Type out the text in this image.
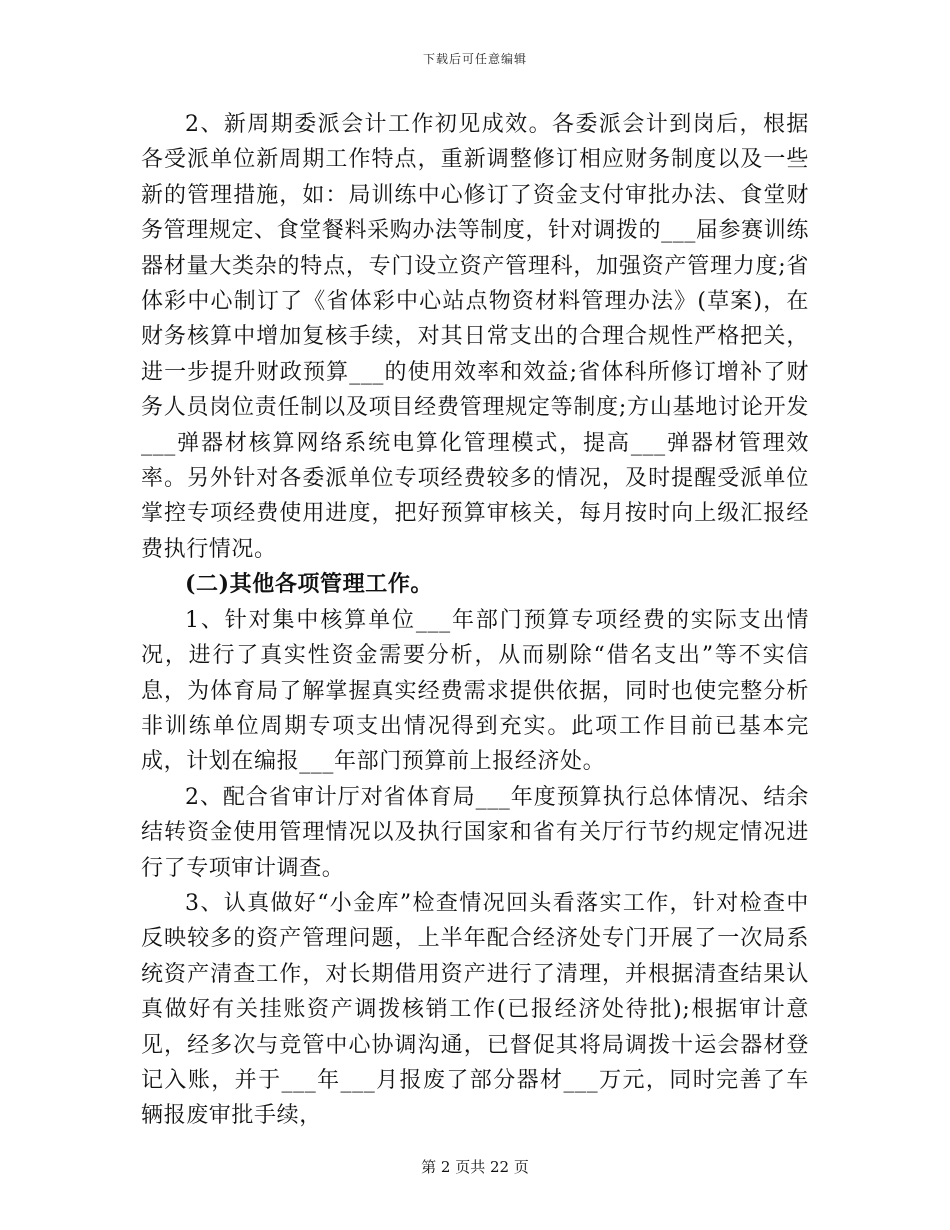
下载后可任意编辑

2、新周期委派会计工作初见成效。各委派会计到岗后，根据各受派单位新周期工作特点，重新调整修订相应财务制度以及一些新的管理措施，如：局训练中心修订了资金支付审批办法、食堂财务管理规定、食堂餐料采购办法等制度，针对调拨的___届参赛训练器材量大类杂的特点，专门设立资产管理科，加强资产管理力度;省体彩中心制订了《省体彩中心站点物资材料管理办法》(草案)，在财务核算中增加复核手续，对其日常支出的合理合规性严格把关，进一步提升财政预算___的使用效率和效益;省体科所修订增补了财务人员岗位责任制以及项目经费管理规定等制度;方山基地讨论开发___弹器材核算网络系统电算化管理模式，提高___弹器材管理效率。另外针对各委派单位专项经费较多的情况，及时提醒受派单位掌控专项经费使用进度，把好预算审核关，每月按时向上级汇报经费执行情况。

(二)其他各项管理工作。

1、针对集中核算单位___年部门预算专项经费的实际支出情况，进行了真实性资金需要分析，从而剔除“借名支出”等不实信息，为体育局了解掌握真实经费需求提供依据，同时也使完整分析非训练单位周期专项支出情况得到充实。此项工作目前已基本完成，计划在编报___年部门预算前上报经济处。

2、配合省审计厅对省体育局___年度预算执行总体情况、结余结转资金使用管理情况以及执行国家和省有关厅行节约规定情况进行了专项审计调查。

3、认真做好“小金库”检查情况回头看落实工作，针对检查中反映较多的资产管理问题，上半年配合经济处专门开展了一次局系统资产清查工作，对长期借用资产进行了清理，并根据清查结果认真做好有关挂账资产调拨核销工作(已报经济处待批);根据审计意见，经多次与竞管中心协调沟通，已督促其将局调拨十运会器材登记入账，并于___年___月报废了部分器材___万元，同时完善了车辆报废审批手续，

第 2 页共 22 页
